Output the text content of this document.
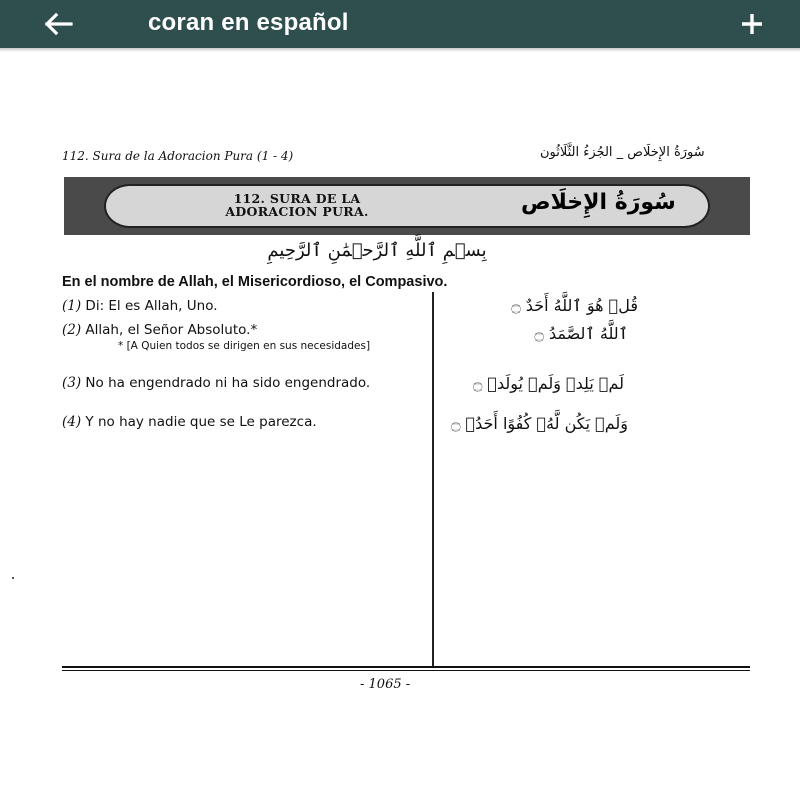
coran en español
112. Sura de la Adoracion Pura (1 - 4)	سُورَةُ الإِخلَاص _ الجُزءُ الثَّلَاثُون
112. SURA DE LA
ADORACION PURA.	سُورَةُ الإِخلَاص
بِسۡمِ ٱللَّهِ ٱلرَّحۡمَٰنِ ٱلرَّحِيمِ
En el nombre de Allah, el Misericordioso, el Compasivo.
(1) Di: El es Allah, Uno.
(2) Allah, el Señor Absoluto.*
* [A Quien todos se dirigen en sus necesidades]
(3) No ha engendrado ni ha sido engendrado.
(4) Y no hay nadie que se Le parezca.
قُلۡ هُوَ ٱللَّهُ أَحَدٌ ۝
ٱللَّهُ ٱلصَّمَدُ ۝
لَمۡ يَلِدۡ وَلَمۡ يُولَدۡ ۝
وَلَمۡ يَكُن لَّهُۥ كُفُوًا أَحَدُۢ ۝
- 1065 -
